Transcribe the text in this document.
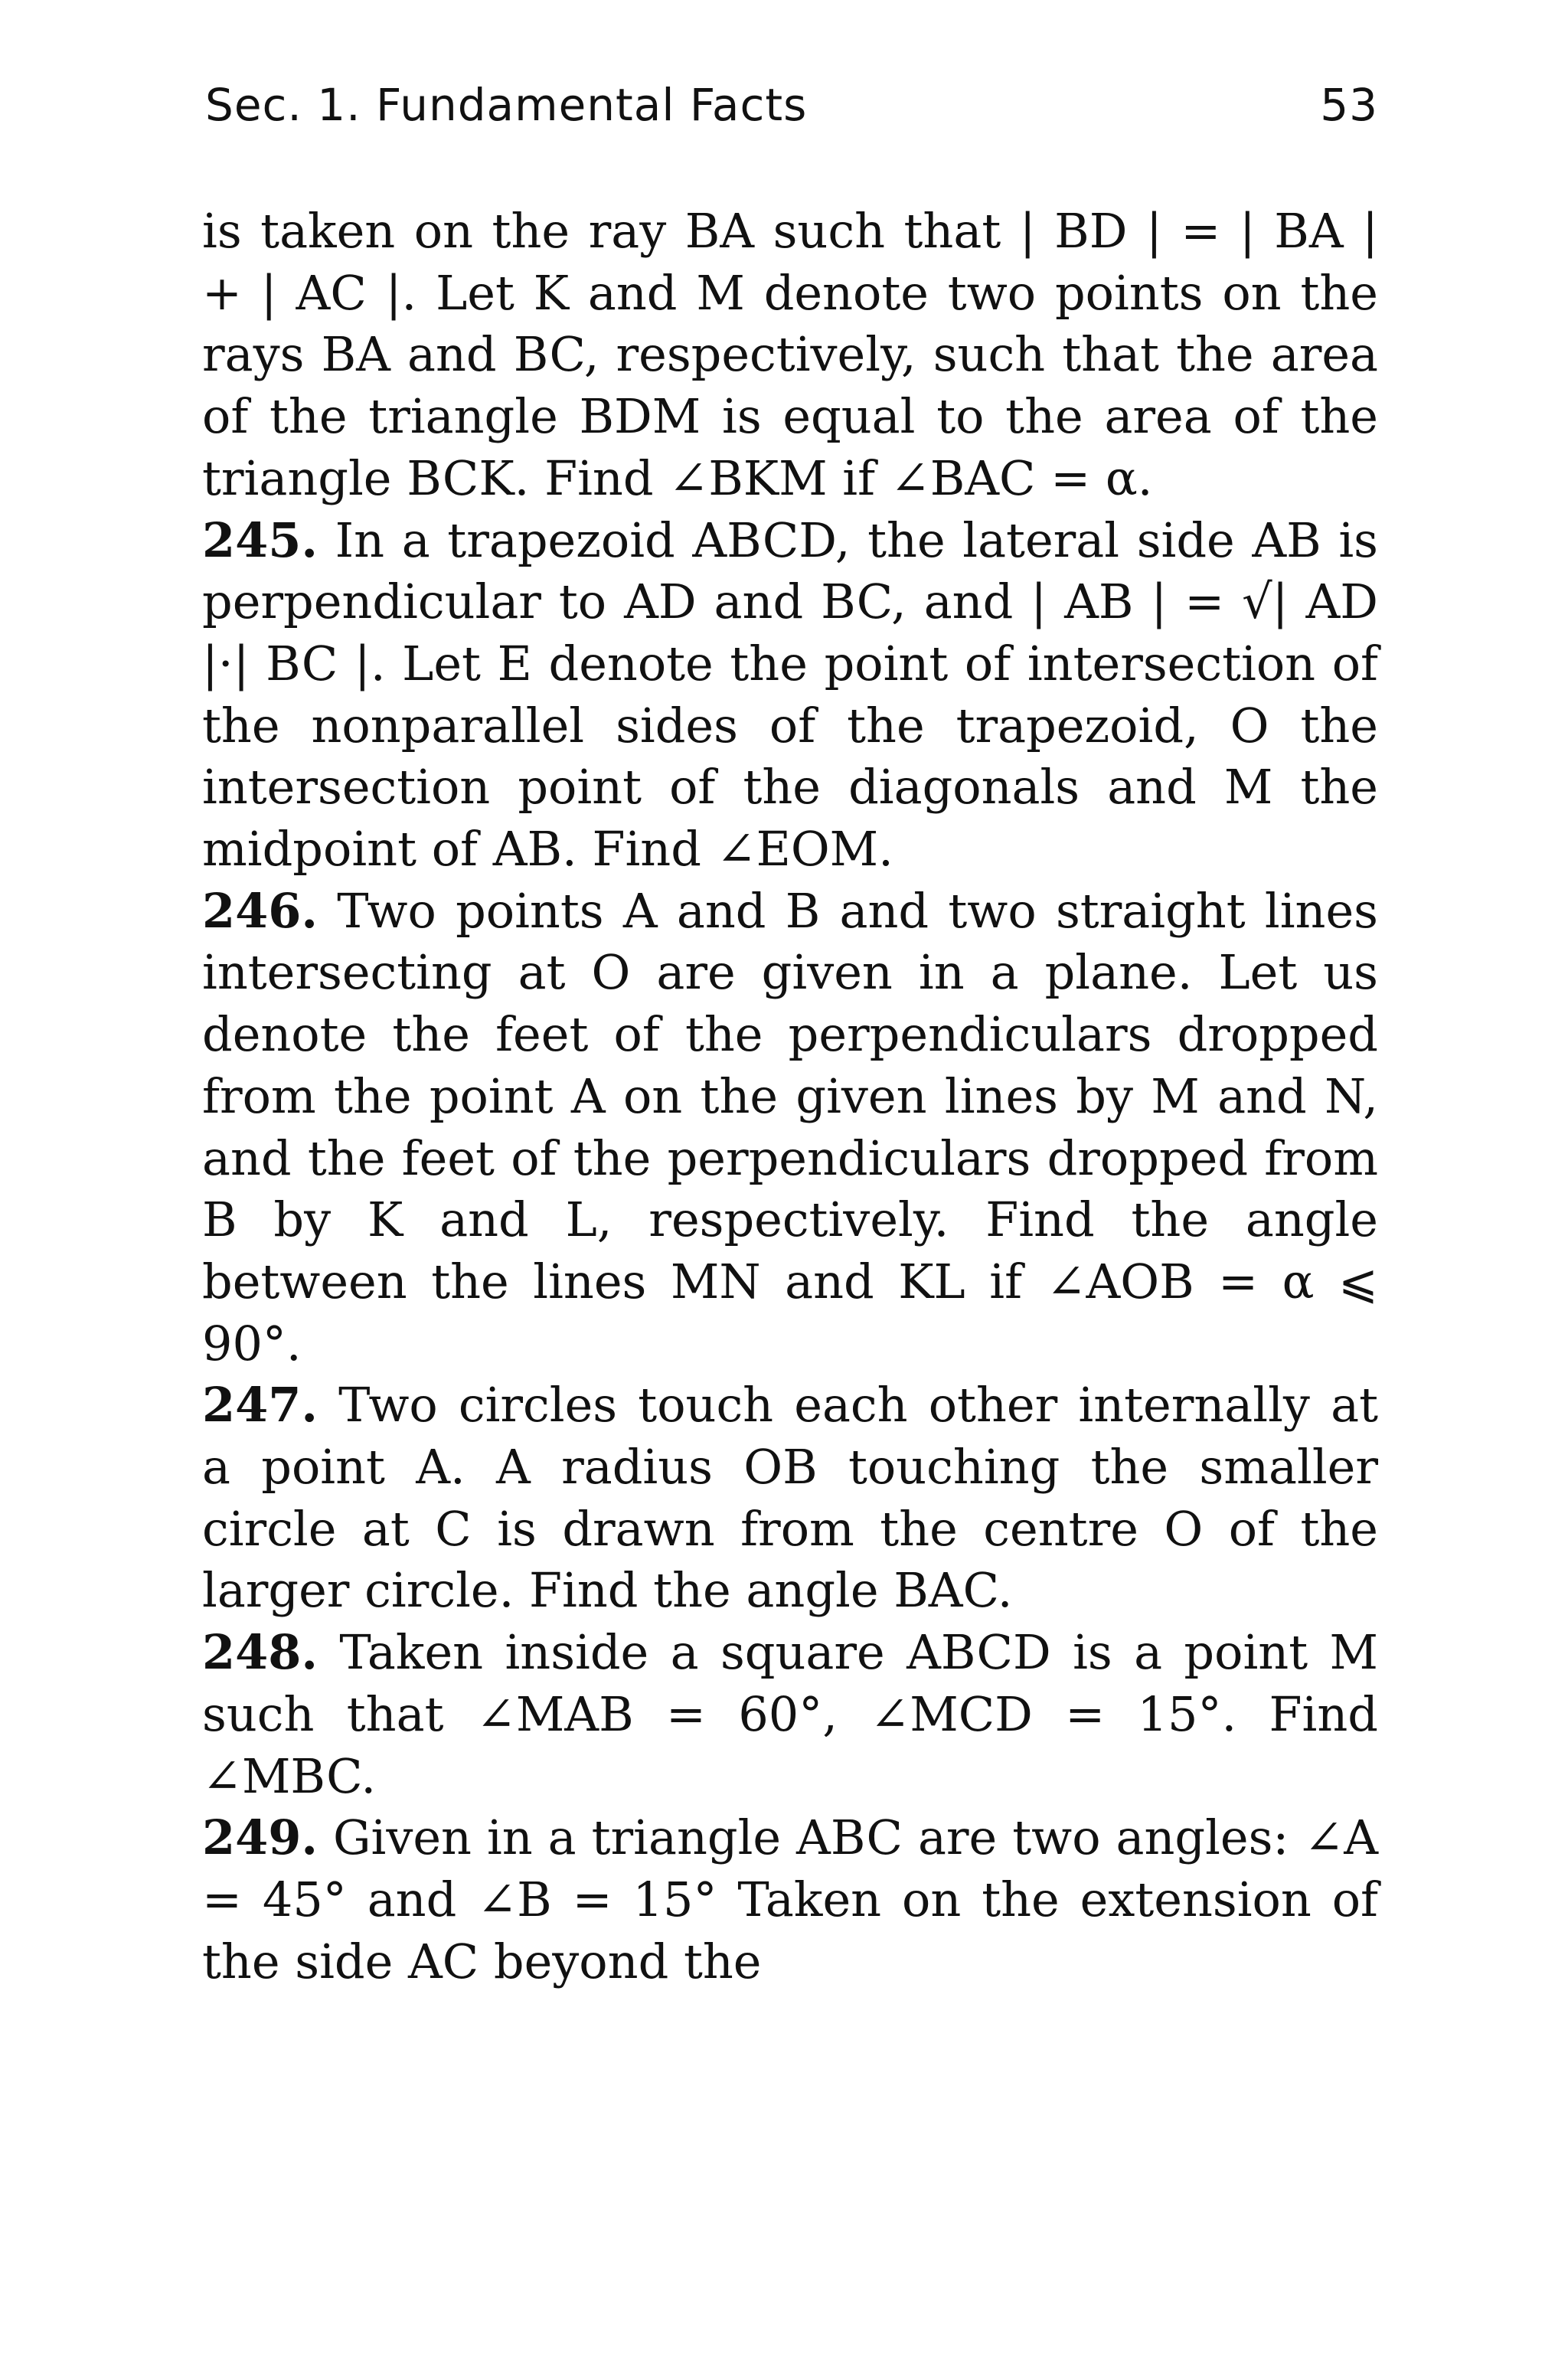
Sec. 1. Fundamental Facts	53

is taken on the ray BA such that | BD | = | BA | + | AC |. Let K and M denote two points on the rays BA and BC, respectively, such that the area of the triangle BDM is equal to the area of the triangle BCK. Find ∠BKM if ∠BAC = α.

245. In a trapezoid ABCD, the lateral side AB is perpendicular to AD and BC, and | AB | = √| AD |·| BC |. Let E denote the point of intersection of the nonparallel sides of the trapezoid, O the intersection point of the diagonals and M the midpoint of AB. Find ∠EOM.

246. Two points A and B and two straight lines intersecting at O are given in a plane. Let us denote the feet of the perpendiculars dropped from the point A on the given lines by M and N, and the feet of the perpendiculars dropped from B by K and L, respectively. Find the angle between the lines MN and KL if ∠AOB = α ⩽ 90°.

247. Two circles touch each other internally at a point A. A radius OB touching the smaller circle at C is drawn from the centre O of the larger circle. Find the angle BAC.

248. Taken inside a square ABCD is a point M such that ∠MAB = 60°, ∠MCD = 15°. Find ∠MBC.

249. Given in a triangle ABC are two angles: ∠A = 45° and ∠B = 15° Taken on the extension of the side AC beyond the
